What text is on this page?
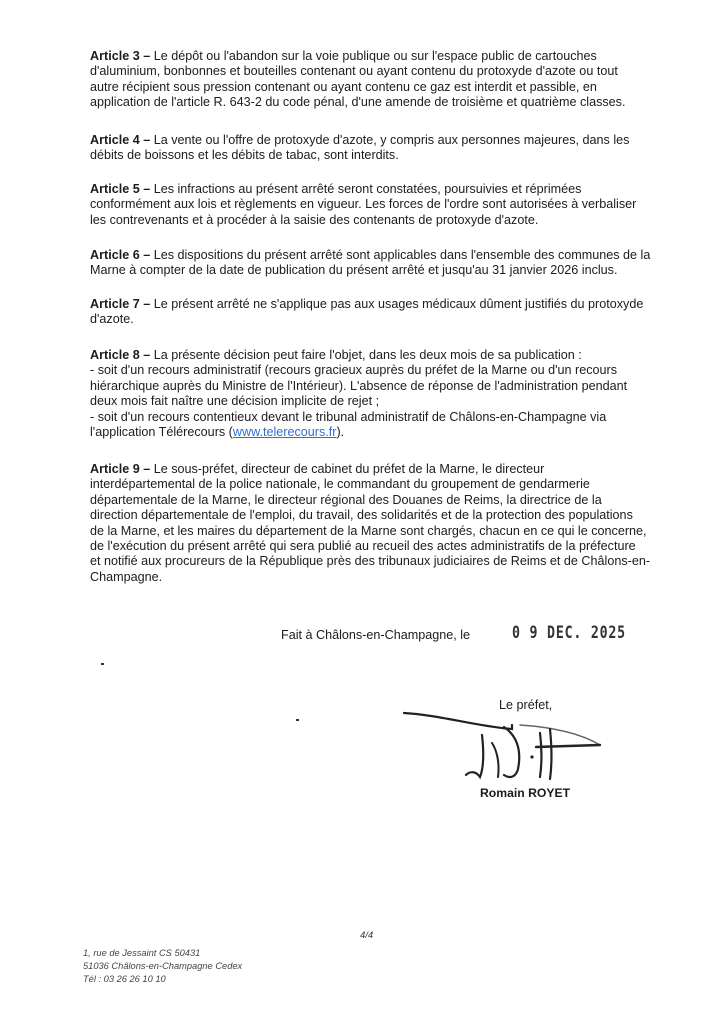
Article 3 – Le dépôt ou l'abandon sur la voie publique ou sur l'espace public de cartouches
d'aluminium, bonbonnes et bouteilles contenant ou ayant contenu du protoxyde d'azote ou tout
autre récipient sous pression contenant ou ayant contenu ce gaz est interdit et passible, en
application de l'article R. 643-2 du code pénal, d'une amende de troisième et quatrième classes.
Article 4 – La vente ou l'offre de protoxyde d'azote, y compris aux personnes majeures, dans les
débits de boissons et les débits de tabac, sont interdits.
Article 5 – Les infractions au présent arrêté seront constatées, poursuivies et réprimées
conformément aux lois et règlements en vigueur. Les forces de l'ordre sont autorisées à verbaliser
les contrevenants et à procéder à la saisie des contenants de protoxyde d'azote.
Article 6 – Les dispositions du présent arrêté sont applicables dans l'ensemble des communes de la
Marne à compter de la date de publication du présent arrêté et jusqu'au 31 janvier 2026 inclus.
Article 7 – Le présent arrêté ne s'applique pas aux usages médicaux dûment justifiés du protoxyde
d'azote.
Article 8 – La présente décision peut faire l'objet, dans les deux mois de sa publication :
- soit d'un recours administratif (recours gracieux auprès du préfet de la Marne ou d'un recours
hiérarchique auprès du Ministre de l'Intérieur). L'absence de réponse de l'administration pendant
deux mois fait naître une décision implicite de rejet ;
- soit d'un recours contentieux devant le tribunal administratif de Châlons-en-Champagne via
l'application Télérecours (www.telerecours.fr).
Article 9 – Le sous-préfet, directeur de cabinet du préfet de la Marne, le directeur
interdépartemental de la police nationale, le commandant du groupement de gendarmerie
départementale de la Marne, le directeur régional des Douanes de Reims, la directrice de la
direction départementale de l'emploi, du travail, des solidarités et de la protection des populations
de la Marne, et les maires du département de la Marne sont chargés, chacun en ce qui le concerne,
de l'exécution du présent arrêté qui sera publié au recueil des actes administratifs de la préfecture
et notifié aux procureurs de la République près des tribunaux judiciaires de Reims et de Châlons-en-
Champagne.
Fait à Châlons-en-Champagne, le 0 9 DEC. 2025
Le préfet,
Romain ROYET
4/4
1, rue de Jessaint CS 50431
51036 Châlons-en-Champagne Cedex
Tél : 03 26 26 10 10
